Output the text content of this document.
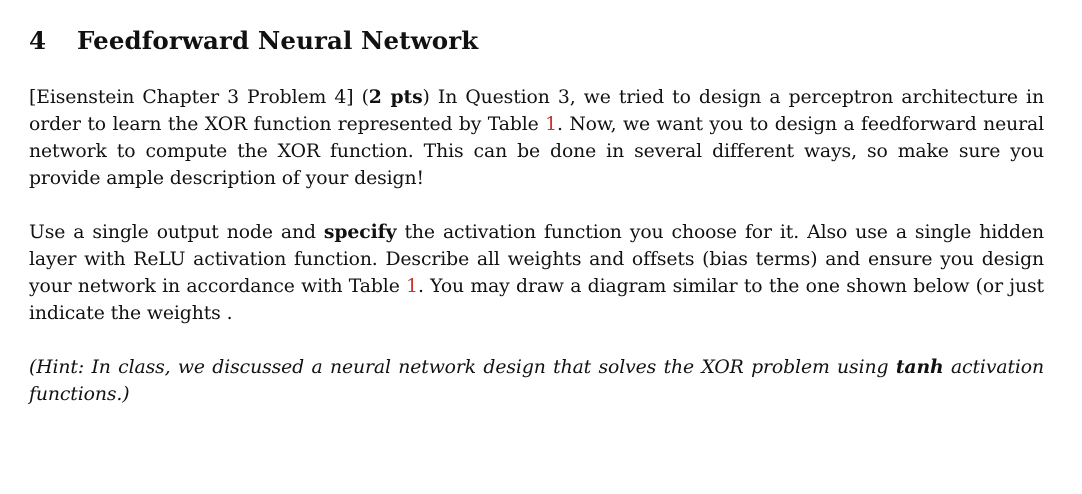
4	Feedforward Neural Network

[Eisenstein Chapter 3 Problem 4] (2 pts) In Question 3, we tried to design a perceptron architecture in order to learn the XOR function represented by Table 1. Now, we want you to design a feedforward neural network to compute the XOR function. This can be done in several different ways, so make sure you provide ample description of your design!

Use a single output node and specify the activation function you choose for it. Also use a single hidden layer with ReLU activation function. Describe all weights and offsets (bias terms) and ensure you design your network in accordance with Table 1. You may draw a diagram similar to the one shown below (or just indicate the weights .

(Hint: In class, we discussed a neural network design that solves the XOR problem using tanh activation functions.)
